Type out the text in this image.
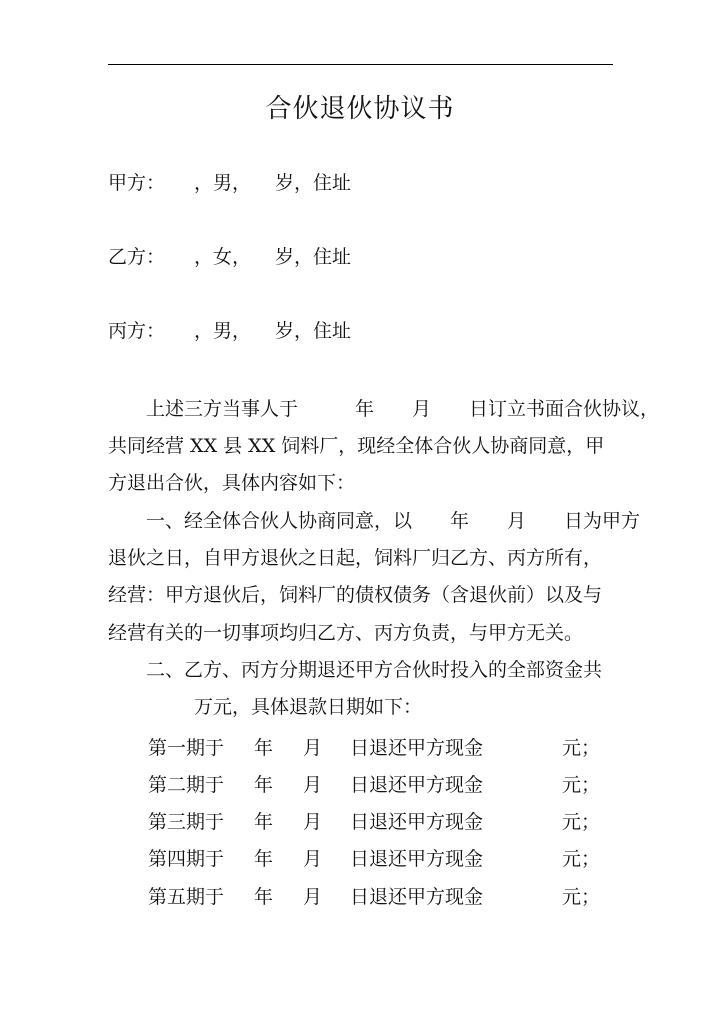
合伙退伙协议书
甲方： ，男， 岁，住址
乙方： ，女， 岁，住址
丙方： ，男， 岁，住址
上述三方当事人于　　　年　　月　　日订立书面合伙协议，
共同经营 XX 县 XX 饲料厂，现经全体合伙人协商同意，甲
方退出合伙，具体内容如下：
一、经全体合伙人协商同意，以　　年　　月　　日为甲方
退伙之日，自甲方退伙之日起，饲料厂归乙方、丙方所有，
经营：甲方退伙后，饲料厂的债权债务（含退伙前）以及与
经营有关的一切事项均归乙方、丙方负责，与甲方无关。
二、乙方、丙方分期退还甲方合伙时投入的全部资金共
万元，具体退款日期如下：
第一期于 年 月 日退还甲方现金	元；
第二期于 年 月 日退还甲方现金	元；
第三期于 年 月 日退还甲方现金	元；
第四期于 年 月 日退还甲方现金	元；
第五期于 年 月 日退还甲方现金	元；
